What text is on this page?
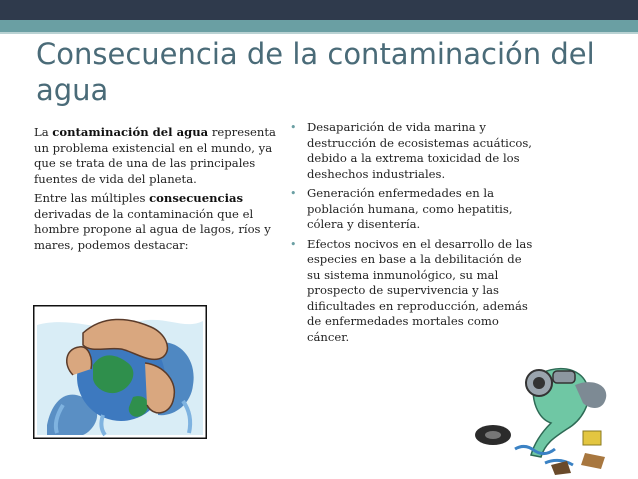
Consecuencia de la contaminación del agua

La contaminación del agua representa un problema existencial en el mundo, ya que se trata de una de las principales fuentes de vida del planeta.

Entre las múltiples consecuencias derivadas de la contaminación que el hombre propone al agua de lagos, ríos y mares, podemos destacar:

• Desaparición de vida marina y destrucción de ecosistemas acuáticos, debido a la extrema toxicidad de los deshechos industriales.
• Generación enfermedades en la población humana, como hepatitis, cólera y disentería.
• Efectos nocivos en el desarrollo de las especies en base a la debilitación de su sistema inmunológico, su mal prospecto de supervivencia y las dificultades en reproducción, además de enfermedades mortales como cáncer.
